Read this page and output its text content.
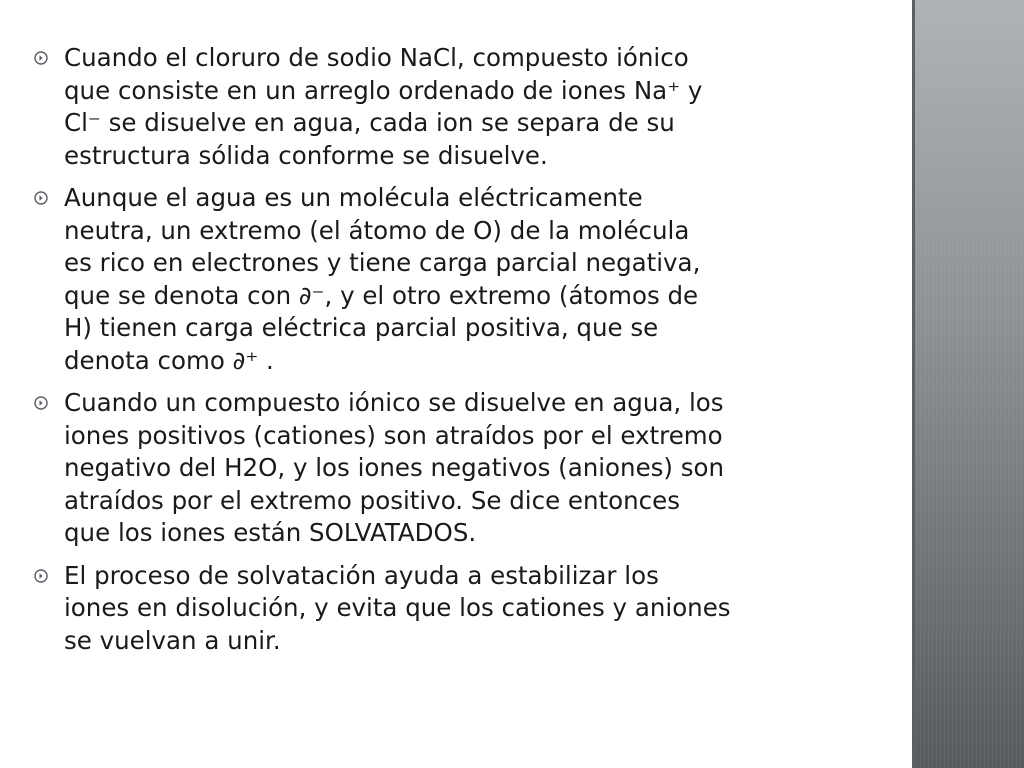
Cuando el cloruro de sodio NaCl, compuesto iónico
que consiste en un arreglo ordenado de iones Na⁺ y
Cl⁻ se disuelve en agua, cada ion se separa de su
estructura sólida conforme se disuelve.
Aunque el agua es un molécula eléctricamente
neutra, un extremo (el átomo de O) de la molécula
es rico en electrones y tiene carga parcial negativa,
que se denota con ∂⁻, y el otro extremo (átomos de
H) tienen carga eléctrica parcial positiva, que se
denota como ∂⁺ .
Cuando un compuesto iónico se disuelve en agua, los
iones positivos (cationes) son atraídos por el extremo
negativo del H2O, y los iones negativos (aniones) son
atraídos por el extremo positivo. Se dice entonces
que los iones están SOLVATADOS.
El proceso de solvatación ayuda a estabilizar los
iones en disolución, y evita que los cationes y aniones
se vuelvan a unir.
